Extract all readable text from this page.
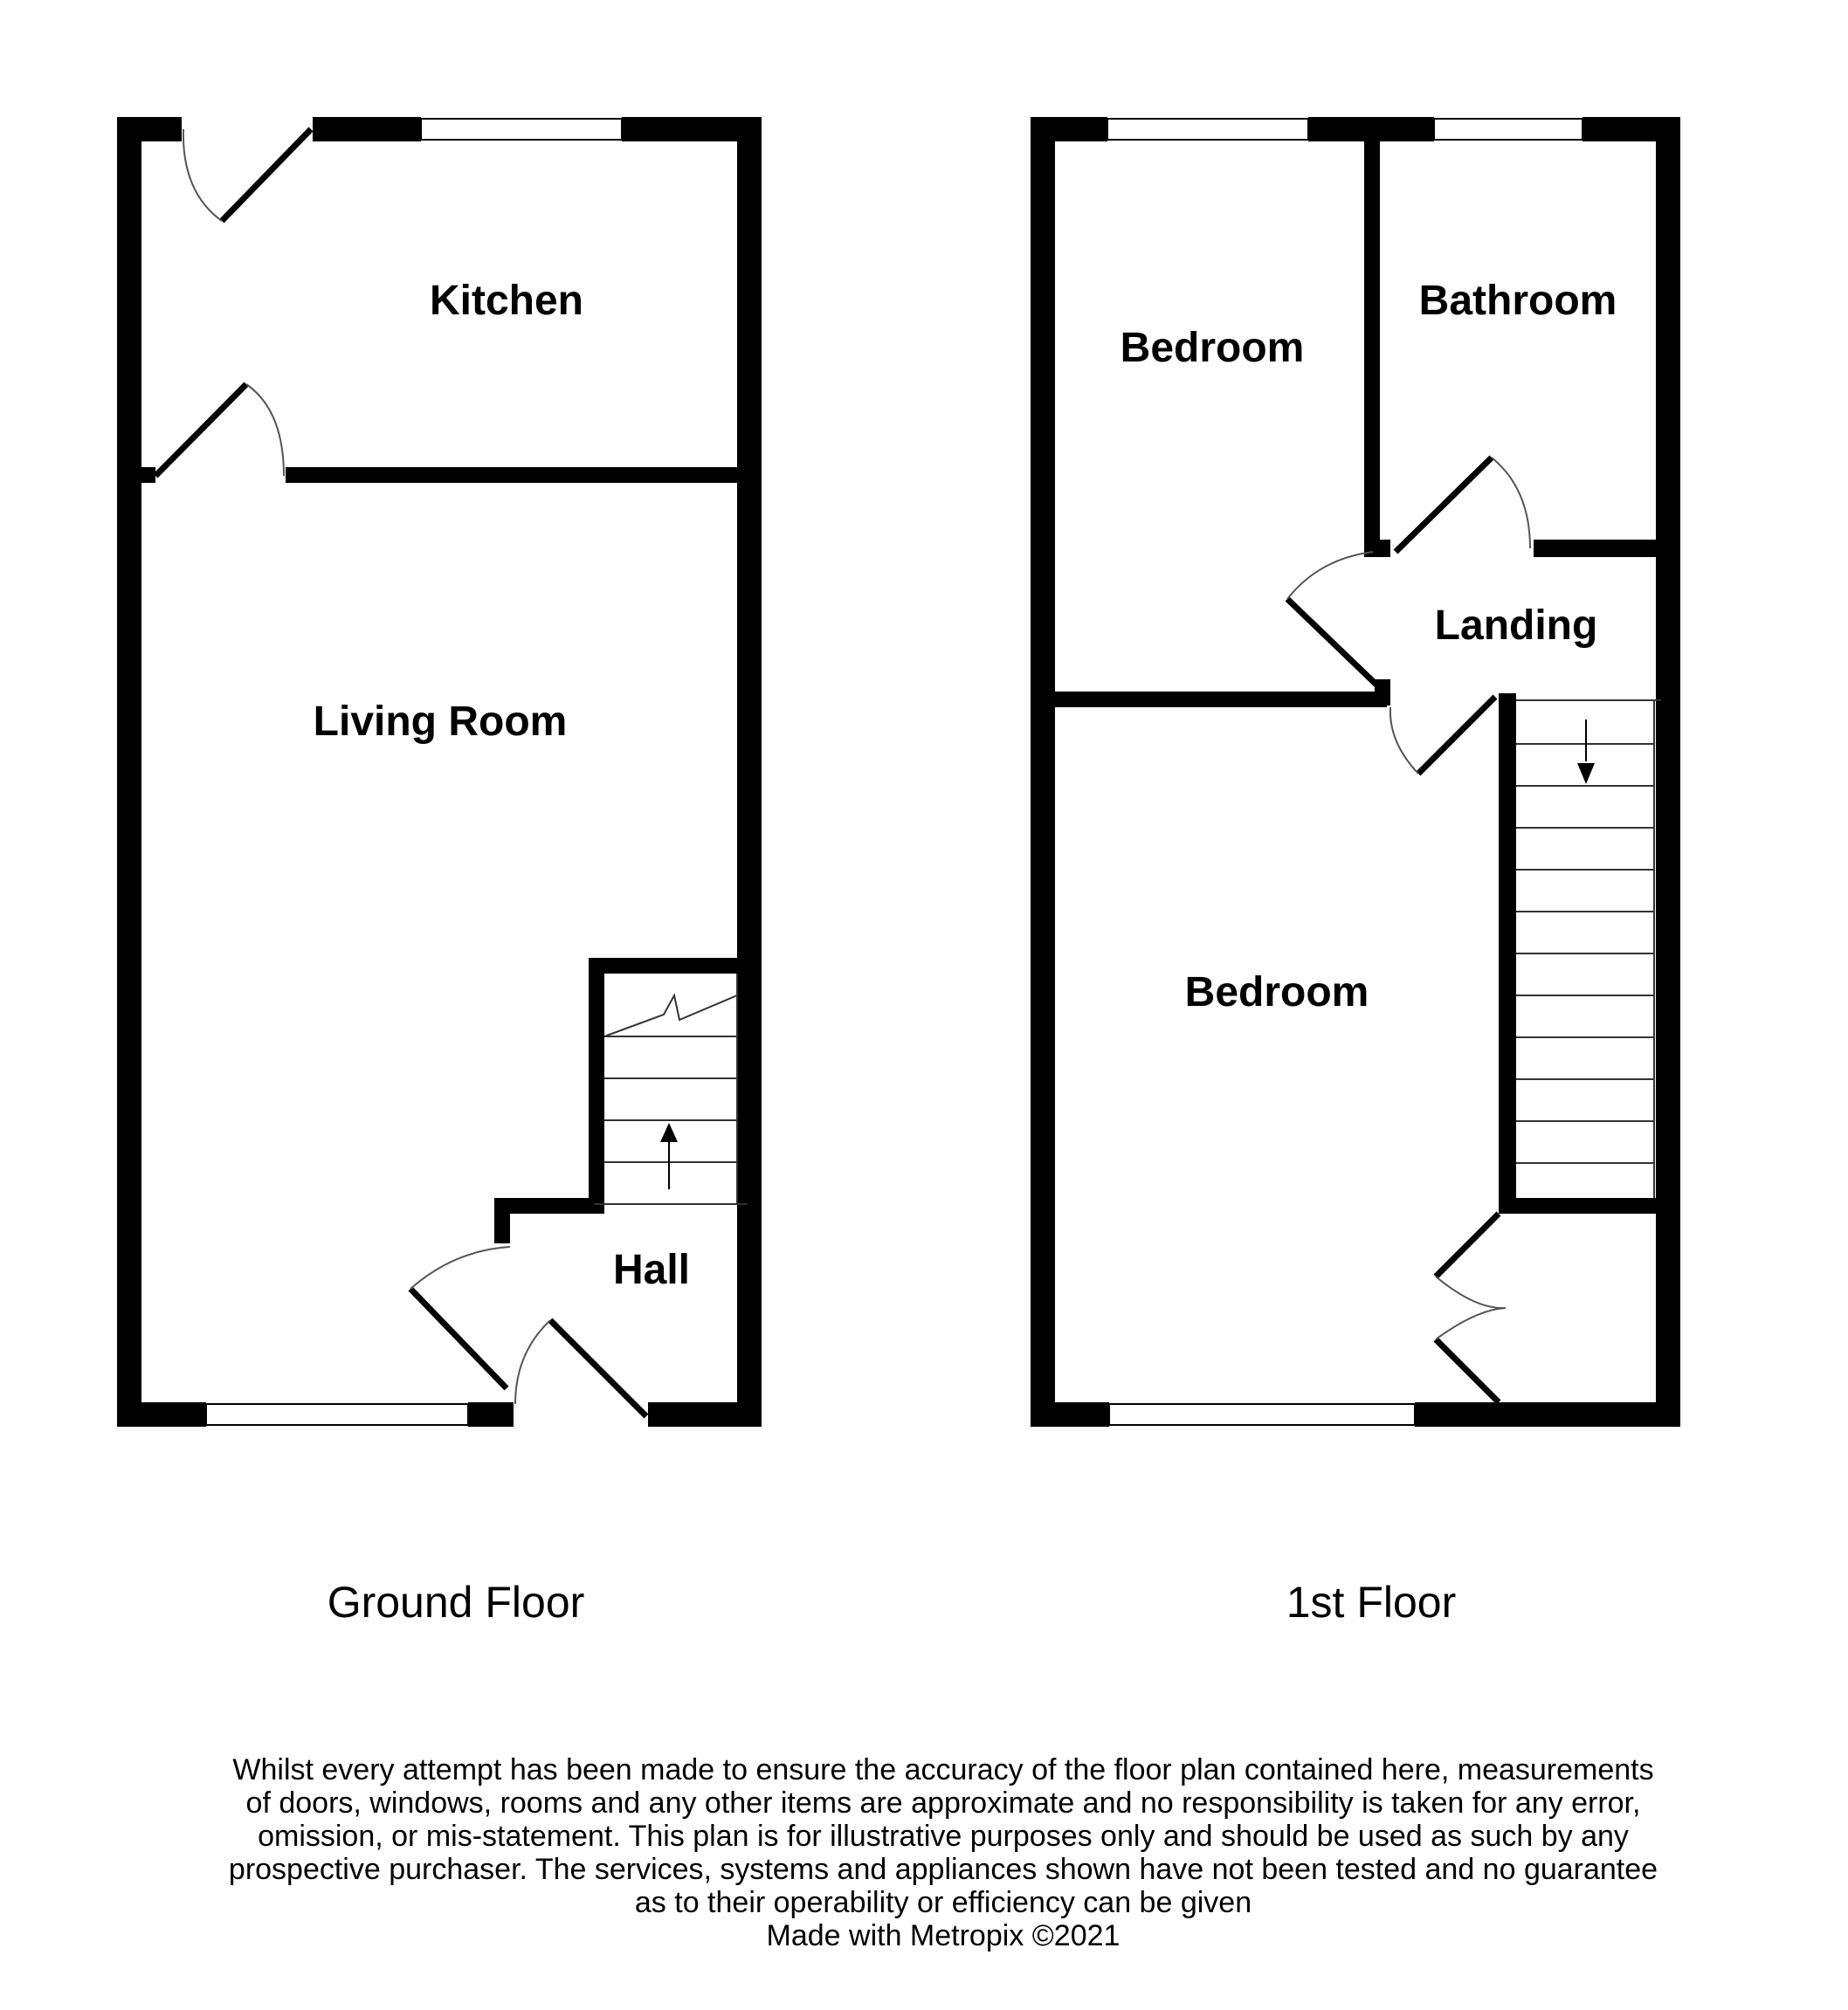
Kitchen
Living Room
Hall
Bedroom
Bathroom
Landing
Bedroom
Ground Floor	1st Floor
Whilst every attempt has been made to ensure the accuracy of the floor plan contained here, measurements
of doors, windows, rooms and any other items are approximate and no responsibility is taken for any error,
omission, or mis-statement. This plan is for illustrative purposes only and should be used as such by any
prospective purchaser. The services, systems and appliances shown have not been tested and no guarantee
as to their operability or efficiency can be given
Made with Metropix ©2021
